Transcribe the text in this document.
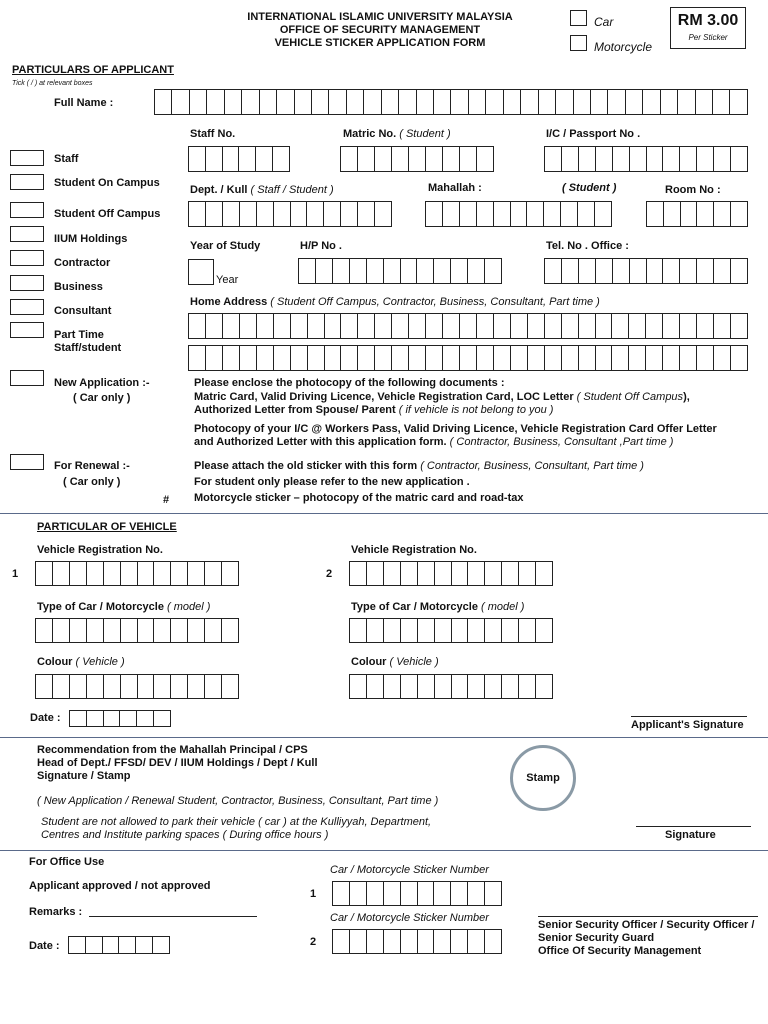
INTERNATIONAL ISLAMIC UNIVERSITY MALAYSIA
OFFICE OF SECURITY MANAGEMENT
VEHICLE STICKER APPLICATION FORM
Car
Motorcycle
RM 3.00
Per Sticker
PARTICULARS OF APPLICANT
Tick ( / ) at relevant boxes
Full Name :
Staff
Student On Campus
Student Off Campus
IIUM Holdings
Contractor
Business
Consultant
Part Time
Staff/student
Staff No.	Matric No. ( Student )	I/C / Passport No .
Dept. / Kull ( Staff / Student )	Mahallah :	( Student )	Room No :
Year of Study
Year
H/P No .	Tel. No . Office :
Home Address ( Student Off Campus, Contractor, Business, Consultant, Part time )
New Application :-
( Car only )
Please enclose the photocopy of the following documents :
Matric Card, Valid Driving Licence, Vehicle Registration Card, LOC Letter ( Student Off Campus),
Authorized Letter from Spouse/ Parent ( if vehicle is not belong to you )
Photocopy of your I/C @ Workers Pass, Valid Driving Licence, Vehicle Registration Card Offer Letter
and Authorized Letter with this application form. ( Contractor, Business, Consultant ,Part time )
For Renewal :-
( Car only )
Please attach the old sticker with this form ( Contractor, Business, Consultant, Part time )
For student only please refer to the new application .
# Motorcycle sticker – photocopy of the matric card and road-tax
PARTICULAR OF VEHICLE
Vehicle Registration No.
1
Vehicle Registration No.
2
Type of Car / Motorcycle ( model )	Type of Car / Motorcycle ( model )
Colour ( Vehicle )	Colour ( Vehicle )
Date :
Applicant's Signature
Recommendation from the Mahallah Principal / CPS
Head of Dept./ FFSD/ DEV / IIUM Holdings / Dept / Kull
Signature / Stamp
( New Application / Renewal Student, Contractor, Business, Consultant, Part time )
Student are not allowed to park their vehicle ( car ) at the Kulliyyah, Department,
Centres and Institute parking spaces ( During office hours )
Stamp
Signature
For Office Use
Applicant approved / not approved
Remarks :
Date :
Car / Motorcycle Sticker Number
1
Car / Motorcycle Sticker Number
2
Senior Security Officer / Security Officer /
Senior Security Guard
Office Of Security Management
